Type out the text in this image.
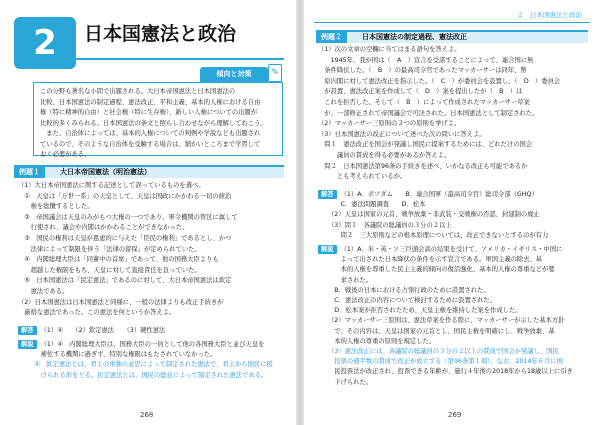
2	日本国憲法と政治
傾向と対策	✎
この分野も著名な小問で出題される。大日本帝国憲法と日本国憲法の
比較、日本国憲法の制定過程、憲法改正、平和主義、基本的人権における自由
権（特に精神的自由）と社会権（特に生存権）、新しい人権についての出題が
比較的多くみられる。日本国憲法の条文と照らし合わせながら理解しておこう。
　また、自治体によっては、基本的人権についての判例や学説なども出題され
ているので、そのような自治体を受験する場合は、細かいところまで学習して
おく必要がある。
例題１	大日本帝国憲法（明治憲法）
（1）大日本帝国憲法に関する記述として誤っているものを選べ。
　①　天皇は「万世一系」の天皇として、天皇は国政にかかわる一切の統治
　　権を総攬するとした。
　②　帝国議会は天皇のみがもつ大権の一つであり、軍令機関の管区に属して
　　行使され、議会や内閣はかかわることができなかった。
　③　国民の権利は天皇が恩恵的に与えた「臣民の権利」であるとし、かつ
　　法律によって制限を伴う「法律の留保」が定められていた。
　④　内閣総理大臣は「同輩中の首席」であって、他の国務大臣よりも
　　超越した権限をもち、天皇に対して直接責任を負っていた。
　⑤　日本国憲法は「民定憲法」であるのに対して、大日本帝国憲法は欽定
　　憲法である。
（2）日本国憲法は日本国憲法と同様に、一般の法律よりも改正手続きが
　厳格な憲法であった。この憲法を何というか答えよ。
解答 （1）④　　（2）欽定憲法　　（3）硬性憲法
解説 （1）④　内閣総理大臣は、国務大臣の一員として他の各国務大臣と並び天皇を
　　補佐する機関に過ぎず、特別な権限はもたされていなかった。
　②　欽定憲法とは、君主の単独の意思によって制定された憲法で、君主から国民に授
　　けられる形をとる。民定憲法とは、国民の総意によって制定された憲法である。
268
２　日本国憲法と政治
例題２	日本国憲法の制定過程、憲法改正
（1）次の文章の空欄に当てはまる語句を答えよ。
　　1945年、我が国は（　A　）宣言を受諾することによって、連合国に無
　条件降伏した。（　B　）の最高司令官であったマッカーサーは同年、幣
　原内閣に対して憲法改正を指示した。（　C　）が委員会を設置し、（　D　）委員会
　が設置、憲法改正案を作成して（　D　）案を提出したが（　B　）は
　これを拒否した。そして（　B　）によって作成されたマッカーサー草案
　が、一部修正されて帝国議会で可決された。日本国憲法として制定された。
（2）マッカーサー三原則の３つの原則を挙げよ。
（3）日本国憲法の改正について述べた次の問いに答えよ。
　問１　憲法改正を国会が発議し国民に提案するためには、どれだけの国会
　　　議員の賛成を得る必要があるか答えよ。
　問２　日本国憲法第96条の手続きを述べ、いかなる改正も可能であるか
　　　とも考えられているか。
解答 （1）A．ポツダム　　B．連合国軍（最高司令官）総司令部（GHQ）
　　C．憲法問題調査　　D．松本
（2）天皇は国家の元首、戦争放棄・非武装・交戦権の否認、封建制の廃止
（3）問１　各議院の総議員の３分の２以上
　　問２　三大原則などの根本原理については、改正できないとするのが有力
解説 （1）A．米・英・ソ三巨頭会談の結果を受けて、アメリカ・イギリス・中国に
　　よって出された日本降伏の条件を示す宣言である。軍国主義の除去、基
　　本的人権を尊重した民主主義的傾向の復活強化、基本的人権の尊重などが要
　　求された。
　B．戦後の日本における占領行政のために設置された。
　C．憲法改正の内容について検討するために設置された。
　D．松本案が拒否されたため、天皇主権を維持した案を作成した。
（2）マッカーサー三原則は、憲法草案を作る際に、マッカーサーが示した基本方針
　で、その内容は、天皇は国家の元首とし、国民主権を明確にし、戦争放棄、基
　本的人権の尊重の原則を規定した。
（3）憲法改正には、各議院の総議員の３分の２以上の賛成で国会が発議し、国民
　投票の過半数の賛成で改正が成立する（第96条第１項）。なお、2014年６月に国
　民投票法が改正され、投票できる年齢が、施行４年後の2018年から18歳以上に引き
　下げられた。
269
